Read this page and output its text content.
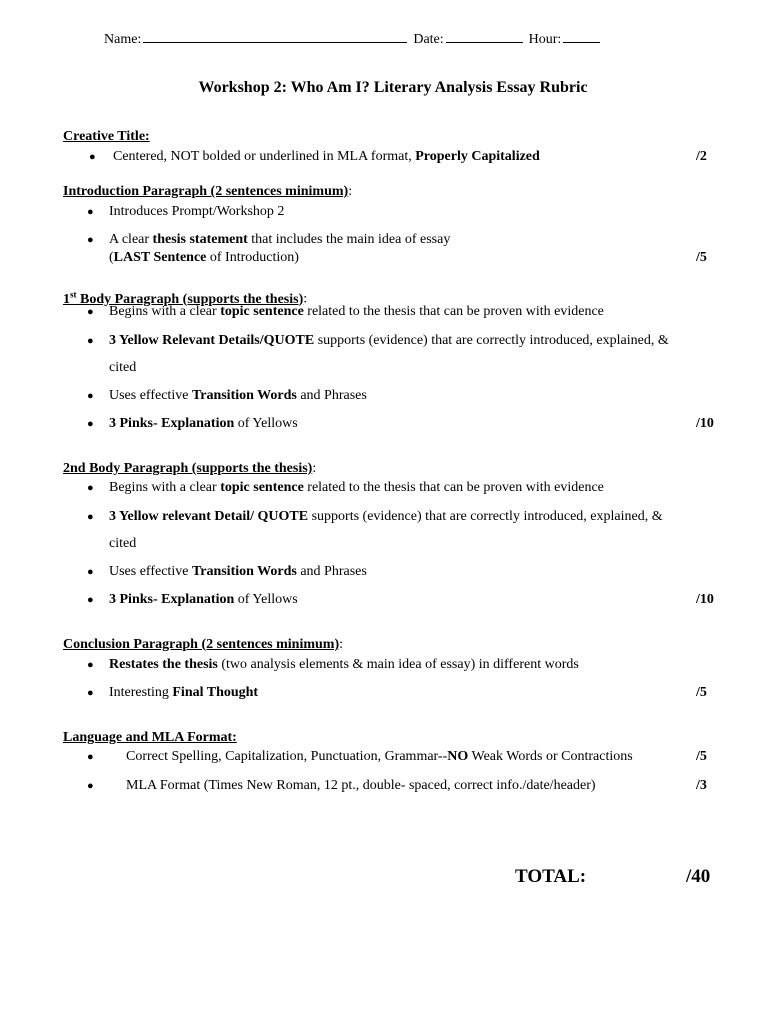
Name:	Date:	Hour:
Workshop 2: Who Am I? Literary Analysis Essay Rubric
Creative Title:
● Centered, NOT bolded or underlined in MLA format, Properly Capitalized	/2
Introduction Paragraph (2 sentences minimum):
● Introduces Prompt/Workshop 2
● A clear thesis statement that includes the main idea of essay
(LAST Sentence of Introduction)	/5
1st Body Paragraph (supports the thesis):
● Begins with a clear topic sentence related to the thesis that can be proven with evidence
● 3 Yellow Relevant Details/QUOTE supports (evidence) that are correctly introduced, explained, &
cited
● Uses effective Transition Words and Phrases
● 3 Pinks- Explanation of Yellows	/10
2nd Body Paragraph (supports the thesis):
● Begins with a clear topic sentence related to the thesis that can be proven with evidence
● 3 Yellow relevant Detail/ QUOTE supports (evidence) that are correctly introduced, explained, &
cited
● Uses effective Transition Words and Phrases
● 3 Pinks- Explanation of Yellows	/10
Conclusion Paragraph (2 sentences minimum):
● Restates the thesis (two analysis elements & main idea of essay) in different words
● Interesting Final Thought	/5
Language and MLA Format:
● Correct Spelling, Capitalization, Punctuation, Grammar--NO Weak Words or Contractions	/5
● MLA Format (Times New Roman, 12 pt., double- spaced, correct info./date/header)	/3
TOTAL:	/40
